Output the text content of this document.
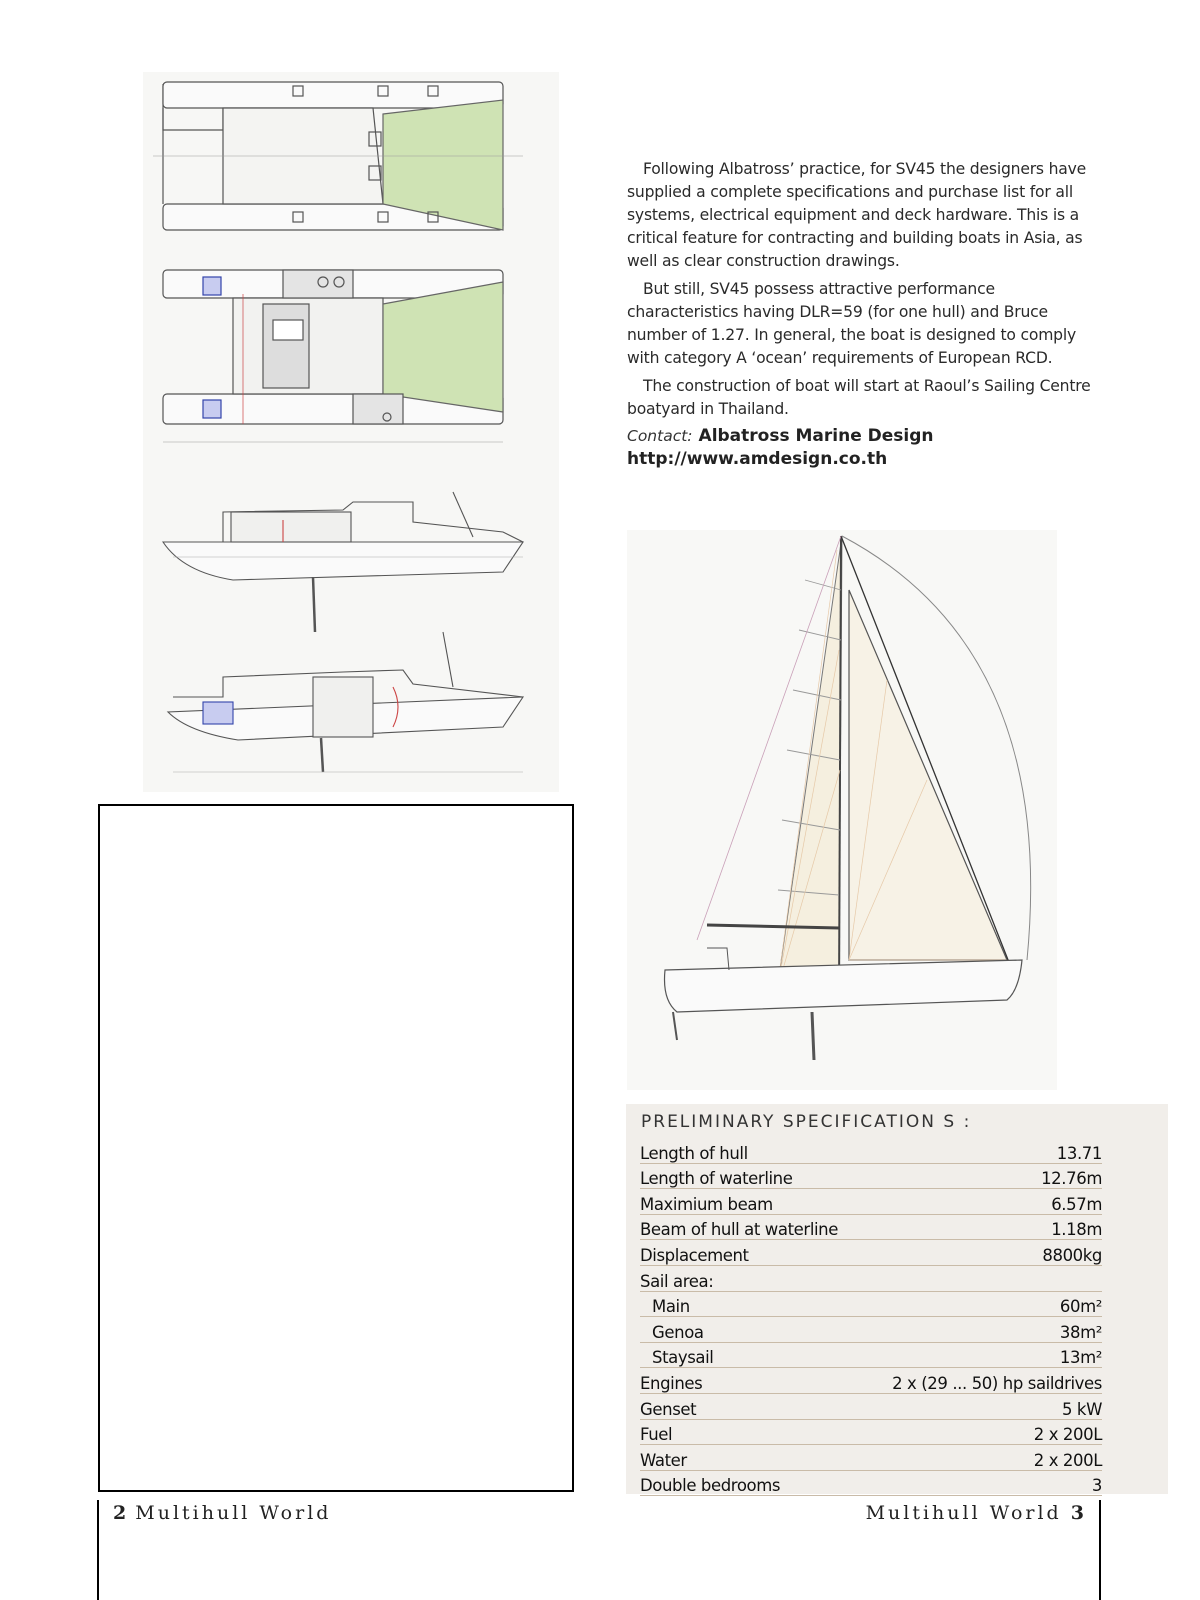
Following Albatross’ practice, for SV45 the designers have supplied a complete specifications and purchase list for all systems, electrical equipment and deck hardware. This is a critical feature for contracting and building boats in Asia, as well as clear construction drawings.

But still, SV45 possess attractive performance characteristics having DLR=59 (for one hull) and Bruce number of 1.27. In general, the boat is designed to comply with category A ‘ocean’ requirements of European RCD.

The construction of boat will start at Raoul’s Sailing Centre boatyard in Thailand.

Contact: Albatross Marine Design
http://www.amdesign.co.th
PRELIMINARY SPECIFICATION S :
Length of hull	13.71
Length of waterline	12.76m
Maximium beam	6.57m
Beam of hull at waterline	1.18m
Displacement	8800kg
Sail area:	
Main	60m²
Genoa	38m²
Staysail	13m²
Engines	2 x (29 ... 50) hp saildrives
Genset	5 kW
Fuel	2 x 200L
Water	2 x 200L
Double bedrooms	3
2 Multihull World	Multihull World 3
